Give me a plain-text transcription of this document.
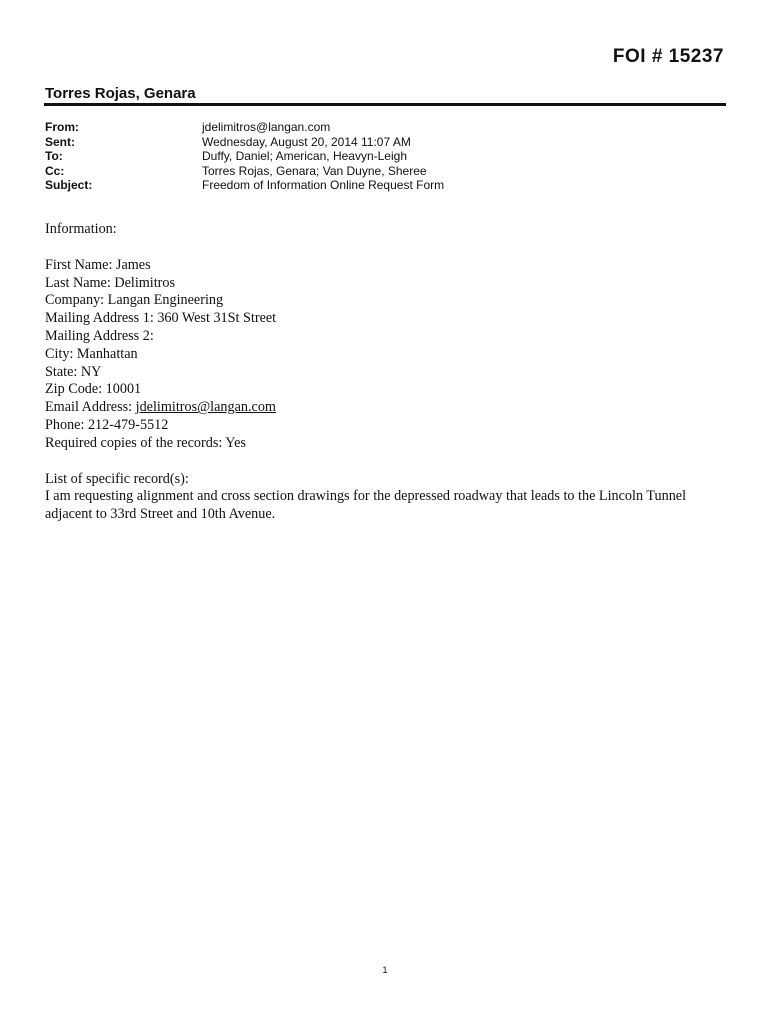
FOI # 15237
Torres Rojas, Genara
From:	jdelimitros@langan.com
Sent:	Wednesday, August 20, 2014 11:07 AM
To:	Duffy, Daniel; American, Heavyn-Leigh
Cc:	Torres Rojas, Genara; Van Duyne, Sheree
Subject:	Freedom of Information Online Request Form

Information:

First Name: James

Last Name: Delimitros

Company: Langan Engineering

Mailing Address 1: 360 West 31St Street

Mailing Address 2:

City: Manhattan

State: NY

Zip Code: 10001

Email Address: jdelimitros@langan.com

Phone: 212-479-5512

Required copies of the records: Yes

List of specific record(s):

I am requesting alignment and cross section drawings for the depressed roadway that leads to the Lincoln Tunnel adjacent to 33rd Street and 10th Avenue.

1
